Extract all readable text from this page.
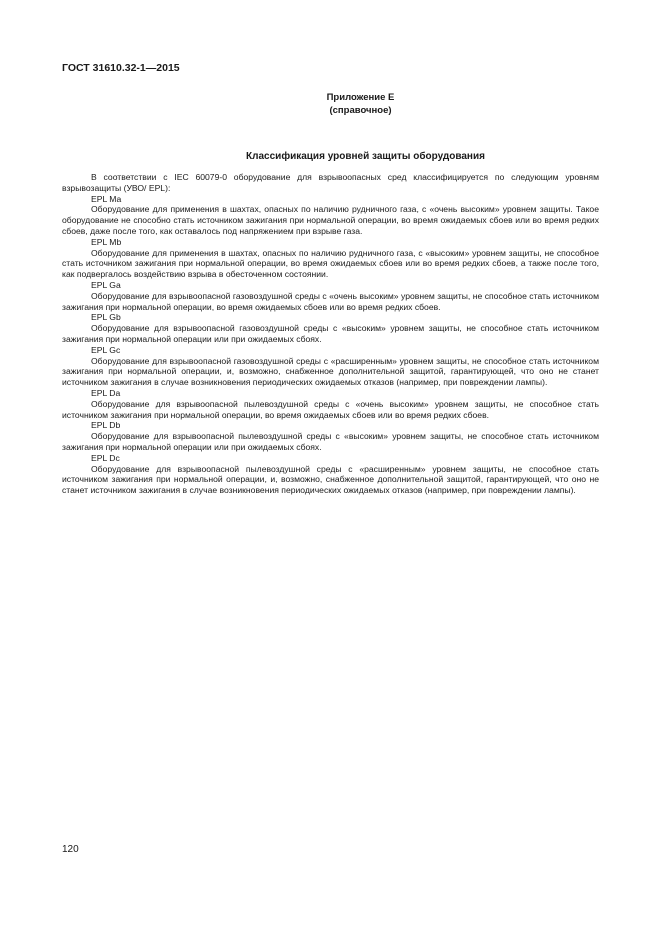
ГОСТ 31610.32-1—2015
Приложение Е
(справочное)
Классификация уровней защиты оборудования

В соответствии с IEC 60079-0 оборудование для взрывоопасных сред классифицируется по следующим уровням взрывозащиты (УВО/ EPL):

EPL Ma

Оборудование для применения в шахтах, опасных по наличию рудничного газа, с «очень высоким» уровнем защиты. Такое оборудование не способно стать источником зажигания при нормальной операции, во время ожидаемых сбоев или во время редких сбоев, даже после того, как оставалось под напряжением при взрыве газа.

EPL Mb

Оборудование для применения в шахтах, опасных по наличию рудничного газа, с «высоким» уровнем защиты, не способное стать источником зажигания при нормальной операции, во время ожидаемых сбоев или во время редких сбоев, а также после того, как подвергалось воздействию взрыва в обесточенном состоянии.

EPL Ga

Оборудование для взрывоопасной газовоздушной среды с «очень высоким» уровнем защиты, не способное стать источником зажигания при нормальной операции, во время ожидаемых сбоев или во время редких сбоев.

EPL Gb

Оборудование для взрывоопасной газовоздушной среды с «высоким» уровнем защиты, не способное стать источником зажигания при нормальной операции или при ожидаемых сбоях.

EPL Gc

Оборудование для взрывоопасной газовоздушной среды с «расширенным» уровнем защиты, не способное стать источником зажигания при нормальной операции, и, возможно, снабженное дополнительной защитой, гарантирующей, что оно не станет источником зажигания в случае возникновения периодических ожидаемых отказов (например, при повреждении лампы).

EPL Da

Оборудование для взрывоопасной пылевоздушной среды с «очень высоким» уровнем защиты, не способное стать источником зажигания при нормальной операции, во время ожидаемых сбоев или во время редких сбоев.

EPL Db

Оборудование для взрывоопасной пылевоздушной среды с «высоким» уровнем защиты, не способное стать источником зажигания при нормальной операции или при ожидаемых сбоях.

EPL Dc

Оборудование для взрывоопасной пылевоздушной среды с «расширенным» уровнем защиты, не способное стать источником зажигания при нормальной операции, и, возможно, снабженное дополнительной защитой, гарантирующей, что оно не станет источником зажигания в случае возникновения периодических ожидаемых отказов (например, при повреждении лампы).

120
